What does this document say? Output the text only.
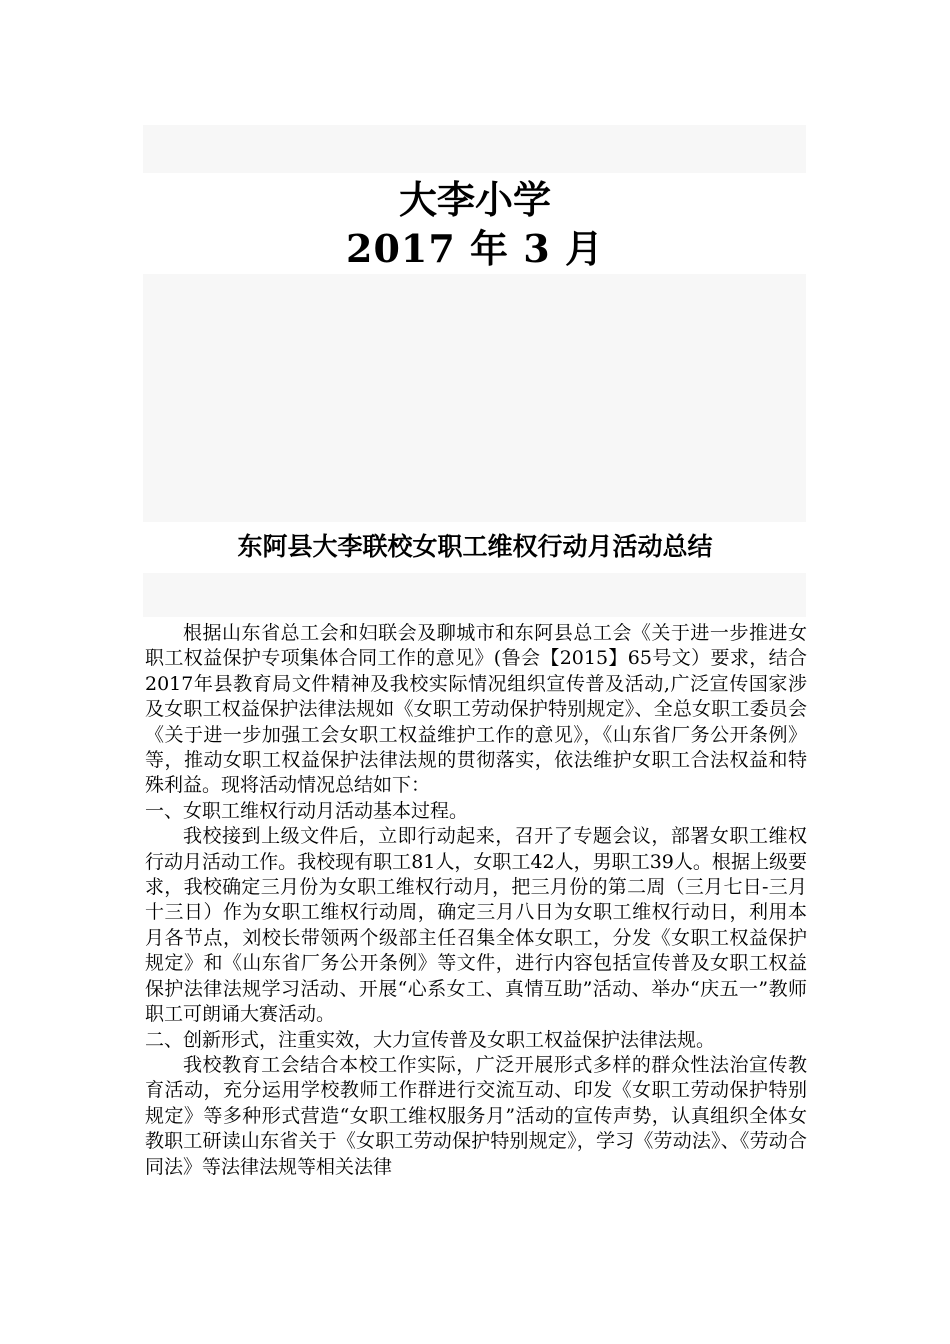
大李小学
2017 年 3 月
东阿县大李联校女职工维权行动月活动总结

根据山东省总工会和妇联会及聊城市和东阿县总工会《关于进一步推进女职工权益保护专项集体合同工作的意见》(鲁会【2015】65号文）要求，结合2017年县教育局文件精神及我校实际情况组织宣传普及活动,广泛宣传国家涉及女职工权益保护法律法规如《女职工劳动保护特别规定》、全总女职工委员会《关于进一步加强工会女职工权益维护工作的意见》，《山东省厂务公开条例》等，推动女职工权益保护法律法规的贯彻落实，依法维护女职工合法权益和特殊利益。现将活动情况总结如下：

一、女职工维权行动月活动基本过程。

我校接到上级文件后，立即行动起来，召开了专题会议，部署女职工维权行动月活动工作。我校现有职工81人，女职工42人，男职工39人。根据上级要求，我校确定三月份为女职工维权行动月，把三月份的第二周（三月七日-三月十三日）作为女职工维权行动周，确定三月八日为女职工维权行动日，利用本月各节点，刘校长带领两个级部主任召集全体女职工，分发《女职工权益保护规定》和《山东省厂务公开条例》等文件，进行内容包括宣传普及女职工权益保护法律法规学习活动、开展“心系女工、真情互助”活动、举办“庆五一”教师职工可朗诵大赛活动。

二、创新形式，注重实效，大力宣传普及女职工权益保护法律法规。

我校教育工会结合本校工作实际，广泛开展形式多样的群众性法治宣传教育活动，充分运用学校教师工作群进行交流互动、印发《女职工劳动保护特别规定》等多种形式营造“女职工维权服务月”活动的宣传声势，认真组织全体女教职工研读山东省关于《女职工劳动保护特别规定》，学习《劳动法》、《劳动合同法》等法律法规等相关法律
